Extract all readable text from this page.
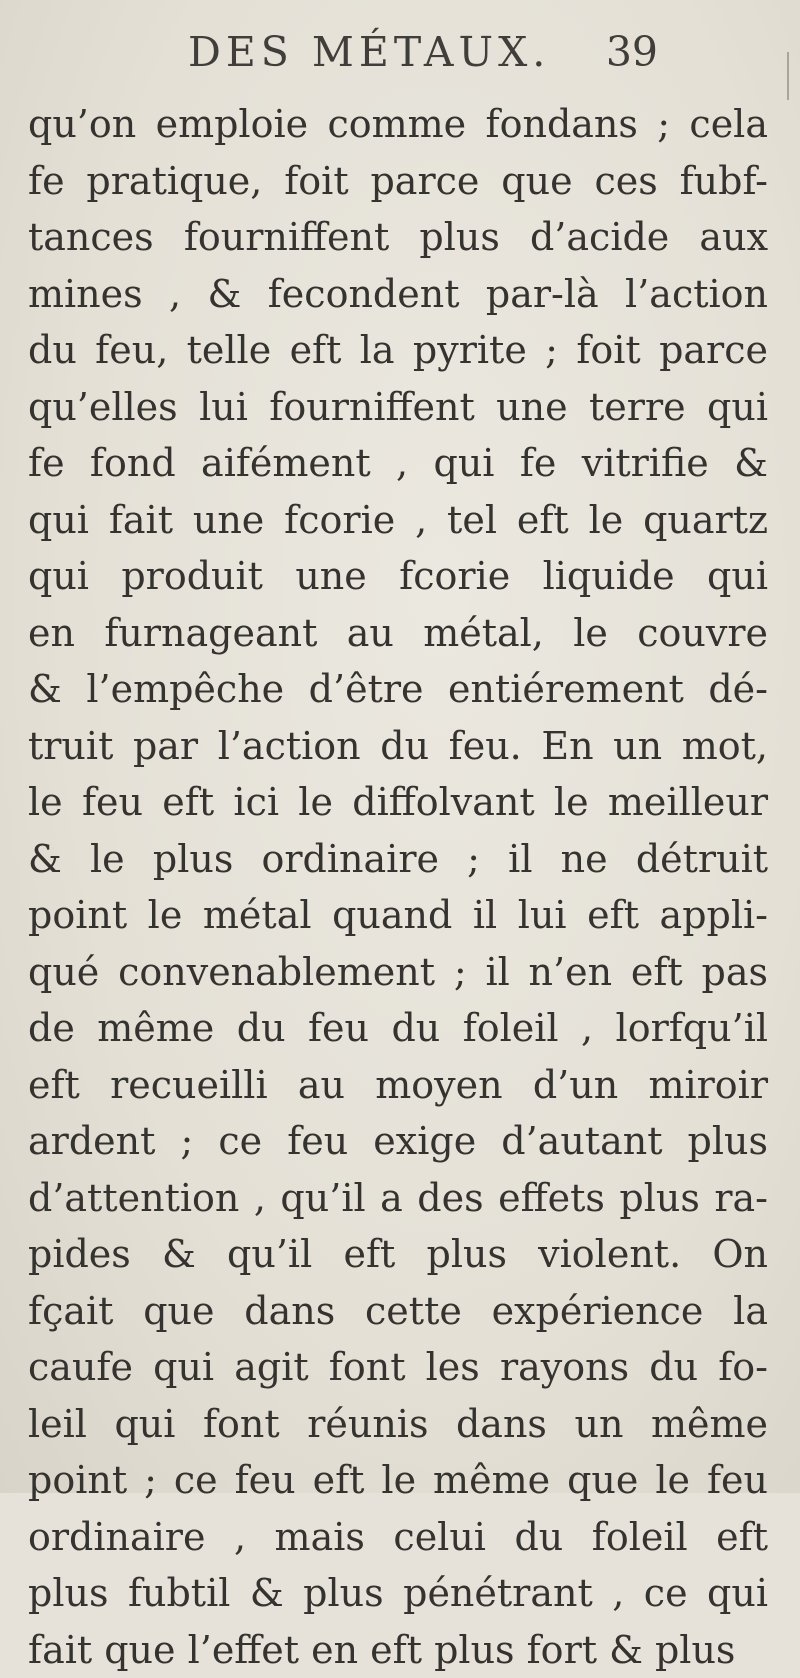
DES MÉTAUX. 39
qu’on emploie comme fondans ; cela
fe pratique, foit parce que ces fubf-
tances fourniffent plus d’acide aux
mines , & fecondent par-là l’action
du feu, telle eft la pyrite ; foit parce
qu’elles lui fourniffent une terre qui
fe fond aifément , qui fe vitrifie &
qui fait une fcorie , tel eft le quartz
qui produit une fcorie liquide qui
en furnageant au métal, le couvre
& l’empêche d’être entiérement dé-
truit par l’action du feu. En un mot,
le feu eft ici le diffolvant le meilleur
& le plus ordinaire ; il ne détruit
point le métal quand il lui eft appli-
qué convenablement ; il n’en eft pas
de même du feu du foleil , lorfqu’il
eft recueilli au moyen d’un miroir
ardent ; ce feu exige d’autant plus
d’attention , qu’il a des effets plus ra-
pides & qu’il eft plus violent. On
fçait que dans cette expérience la
caufe qui agit font les rayons du fo-
leil qui font réunis dans un même
point ; ce feu eft le même que le feu
ordinaire , mais celui du foleil eft
plus fubtil & plus pénétrant , ce qui
fait que l’effet en eft plus fort & plus
